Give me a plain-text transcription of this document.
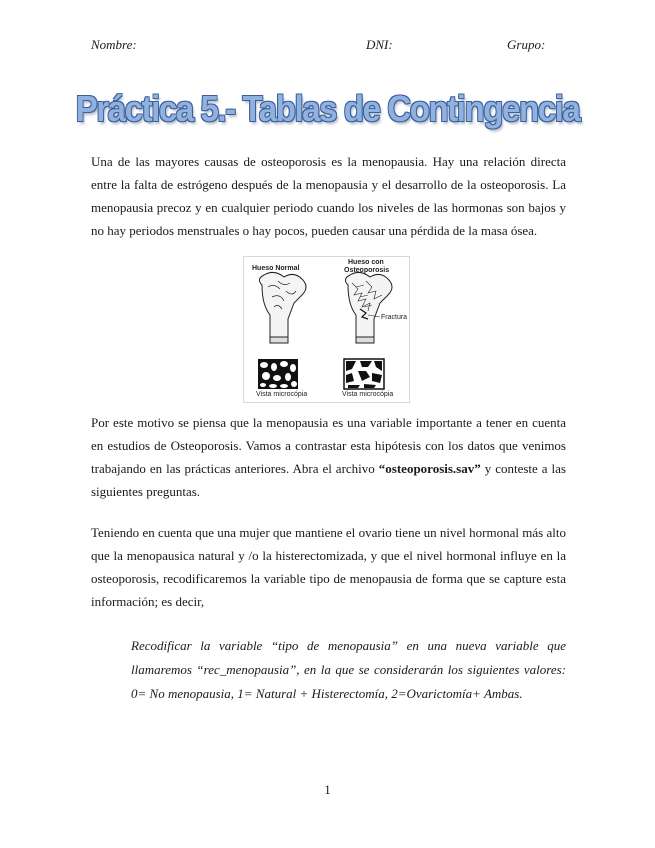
Nombre:	DNI:	Grupo:
Práctica 5.- Tablas de Contingencia

Una de las mayores causas de osteoporosis es la menopausia. Hay una relación directa entre la falta de estrógeno después de la menopausia y el desarrollo de la osteoporosis. La menopausia precoz y en cualquier periodo cuando los niveles de las hormonas son bajos y no hay periodos menstruales o hay pocos, pueden causar una pérdida de la masa ósea.

Hueso Normal
Hueso con
Osteoporosis
Fractura
Vista microcópia	Vista microcópia

Por este motivo se piensa que la menopausia es una variable importante a tener en cuenta en estudios de Osteoporosis. Vamos a contrastar esta hipótesis con los datos que venimos trabajando en las prácticas anteriores. Abra el archivo “osteoporosis.sav” y conteste a las siguientes preguntas.

Teniendo en cuenta que una mujer que mantiene el ovario tiene un nivel hormonal más alto que la menopausica natural y /o la histerectomizada, y que el nivel hormonal influye en la osteoporosis, recodificaremos la variable tipo de menopausia de forma que se capture esta información; es decir,

Recodificar la variable “tipo de menopausia” en una nueva variable que llamaremos “rec_menopausia”, en la que se considerarán los siguientes valores: 0= No menopausia, 1= Natural + Histerectomía, 2=Ovarictomía+ Ambas.

1
